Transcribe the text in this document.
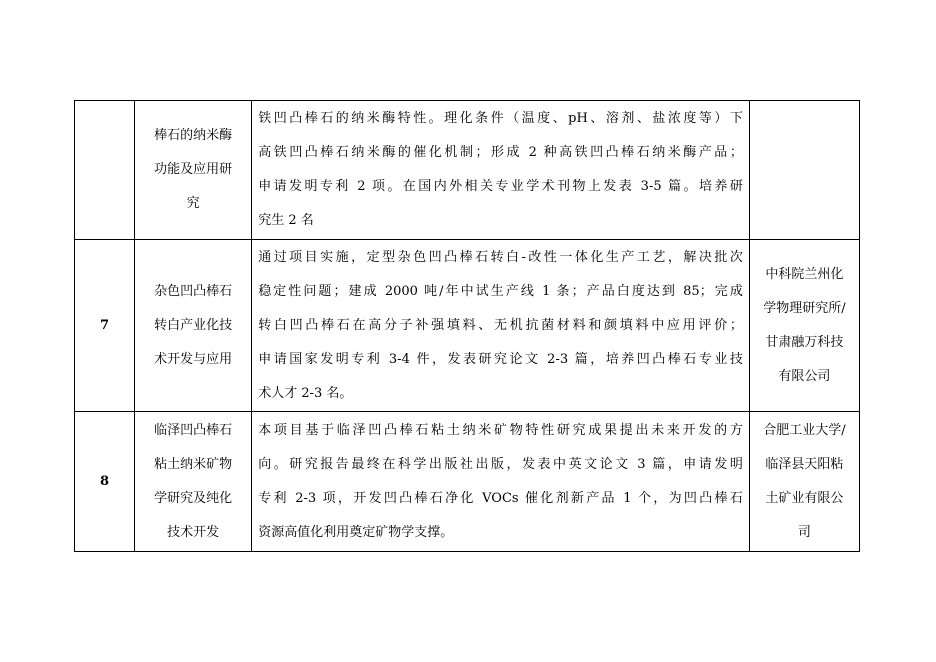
	棒石的纳米酶
功能及应用研
究	铁凹凸棒石的纳米酶特性。理化条件（温度、pH、溶剂、盐浓度等）下
高铁凹凸棒石纳米酶的催化机制；形成 2 种高铁凹凸棒石纳米酶产品；
申请发明专利 2 项。在国内外相关专业学术刊物上发表 3-5 篇。培养研
究生 2 名	

7	杂色凹凸棒石
转白产业化技
术开发与应用	通过项目实施，定型杂色凹凸棒石转白-改性一体化生产工艺，解决批次
稳定性问题；建成 2000 吨/年中试生产线 1 条；产品白度达到 85；完成
转白凹凸棒石在高分子补强填料、无机抗菌材料和颜填料中应用评价；
申请国家发明专利 3-4 件，发表研究论文 2-3 篇，培养凹凸棒石专业技
术人才 2-3 名。	中科院兰州化
学物理研究所/
甘肃融万科技
有限公司

8	临泽凹凸棒石
粘土纳米矿物
学研究及纯化
技术开发	本项目基于临泽凹凸棒石粘土纳米矿物特性研究成果提出未来开发的方
向。研究报告最终在科学出版社出版，发表中英文论文 3 篇，申请发明
专利 2-3 项，开发凹凸棒石净化 VOCs 催化剂新产品 1 个，为凹凸棒石
资源高值化利用奠定矿物学支撑。	合肥工业大学/
临泽县天阳粘
土矿业有限公
司
